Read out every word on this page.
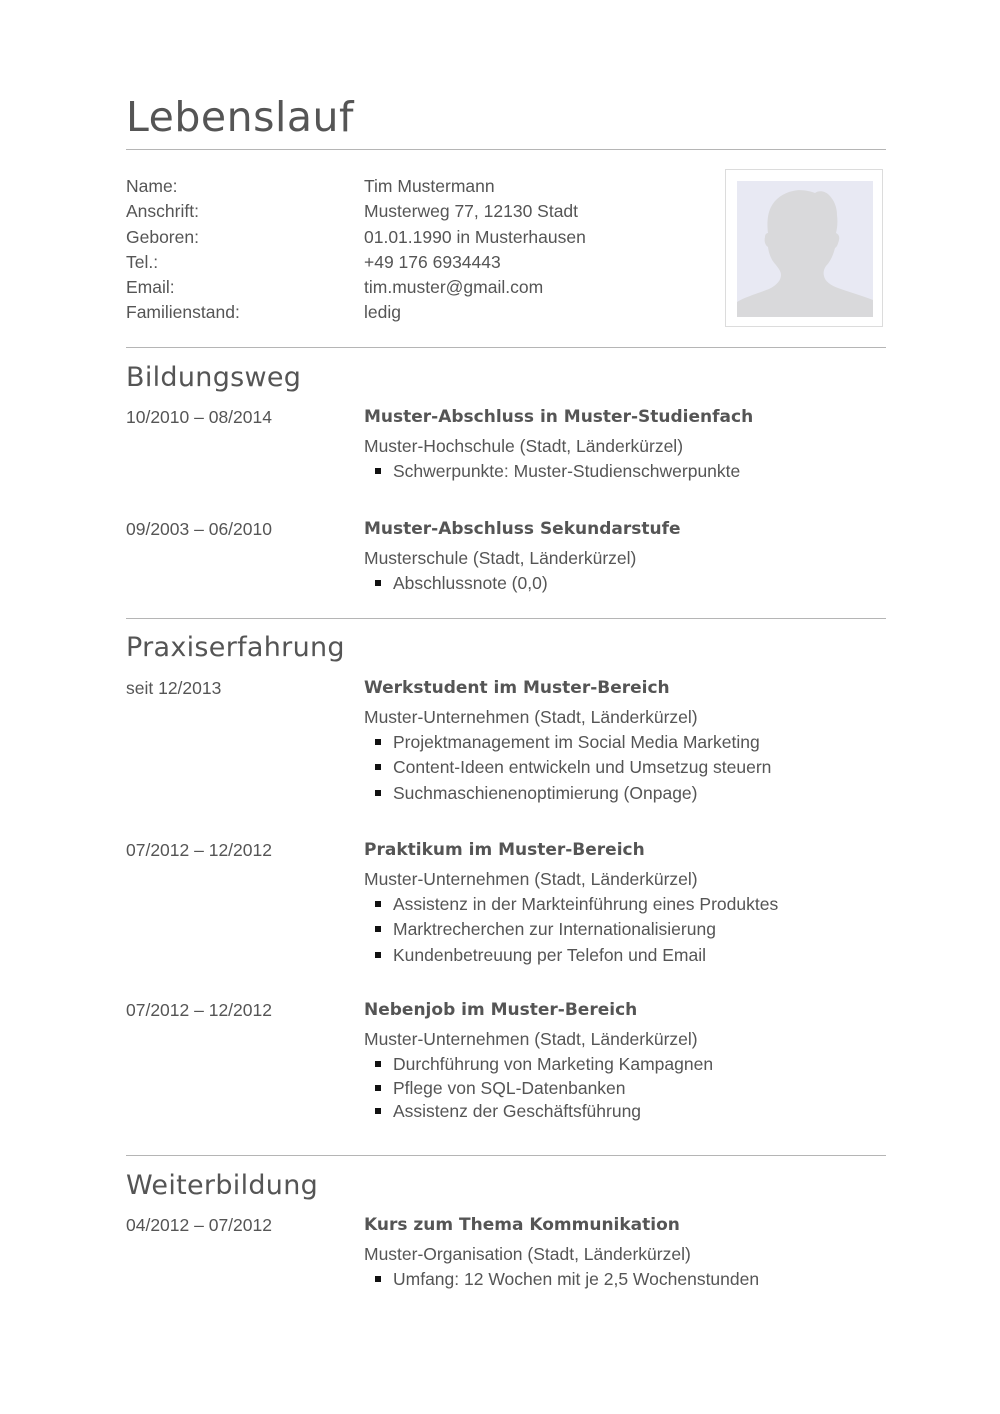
Lebenslauf
Name:	Tim Mustermann
Anschrift:	Musterweg 77, 12130 Stadt
Geboren:	01.01.1990 in Musterhausen
Tel.:	+49 176 6934443
Email:	tim.muster@gmail.com
Familienstand:	ledig
Bildungsweg
10/2010 – 08/2014	Muster-Abschluss in Muster-Studienfach
Muster-Hochschule (Stadt, Länderkürzel)
Schwerpunkte: Muster-Studienschwerpunkte
09/2003 – 06/2010	Muster-Abschluss Sekundarstufe
Musterschule (Stadt, Länderkürzel)
Abschlussnote (0,0)
Praxiserfahrung
seit 12/2013	Werkstudent im Muster-Bereich
Muster-Unternehmen (Stadt, Länderkürzel)
Projektmanagement im Social Media Marketing
Content-Ideen entwickeln und Umsetzug steuern
Suchmaschienenoptimierung (Onpage)
07/2012 – 12/2012	Praktikum im Muster-Bereich
Muster-Unternehmen (Stadt, Länderkürzel)
Assistenz in der Markteinführung eines Produktes
Marktrecherchen zur Internationalisierung
Kundenbetreuung per Telefon und Email
07/2012 – 12/2012	Nebenjob im Muster-Bereich
Muster-Unternehmen (Stadt, Länderkürzel)
Durchführung von Marketing Kampagnen
Pflege von SQL-Datenbanken
Assistenz der Geschäftsführung
Weiterbildung
04/2012 – 07/2012	Kurs zum Thema Kommunikation
Muster-Organisation (Stadt, Länderkürzel)
Umfang: 12 Wochen mit je 2,5 Wochenstunden
